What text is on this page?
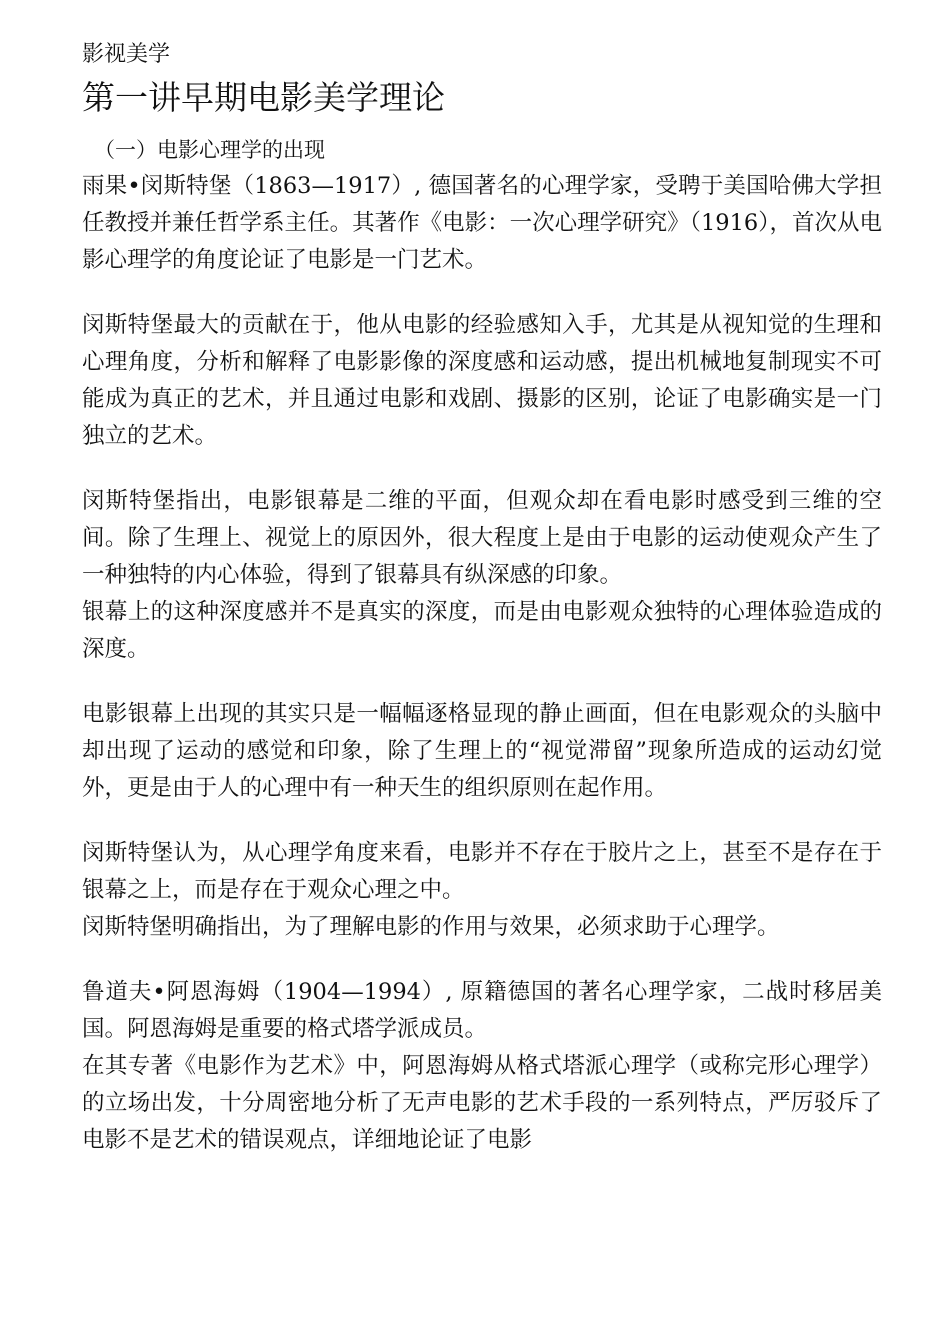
影视美学
第一讲早期电影美学理论
（一）电影心理学的出现

雨果•闵斯特堡（1863—1917）, 德国著名的心理学家，受聘于美国哈佛大学担任教授并兼任哲学系主任。其著作《电影：一次心理学研究》（1916），首次从电影心理学的角度论证了电影是一门艺术。

闵斯特堡最大的贡献在于，他从电影的经验感知入手，尤其是从视知觉的生理和心理角度，分析和解释了电影影像的深度感和运动感，提出机械地复制现实不可能成为真正的艺术，并且通过电影和戏剧、摄影的区别，论证了电影确实是一门独立的艺术。

闵斯特堡指出，电影银幕是二维的平面，但观众却在看电影时感受到三维的空间。除了生理上、视觉上的原因外，很大程度上是由于电影的运动使观众产生了一种独特的内心体验，得到了银幕具有纵深感的印象。

银幕上的这种深度感并不是真实的深度，而是由电影观众独特的心理体验造成的深度。

电影银幕上出现的其实只是一幅幅逐格显现的静止画面，但在电影观众的头脑中却出现了运动的感觉和印象，除了生理上的“视觉滞留”现象所造成的运动幻觉外，更是由于人的心理中有一种天生的组织原则在起作用。

闵斯特堡认为，从心理学角度来看，电影并不存在于胶片之上，甚至不是存在于银幕之上，而是存在于观众心理之中。

闵斯特堡明确指出，为了理解电影的作用与效果，必须求助于心理学。

鲁道夫•阿恩海姆（1904—1994）, 原籍德国的著名心理学家，二战时移居美国。阿恩海姆是重要的格式塔学派成员。

在其专著《电影作为艺术》中，阿恩海姆从格式塔派心理学（或称完形心理学）的立场出发，十分周密地分析了无声电影的艺术手段的一系列特点，严厉驳斥了电影不是艺术的错误观点，详细地论证了电影
